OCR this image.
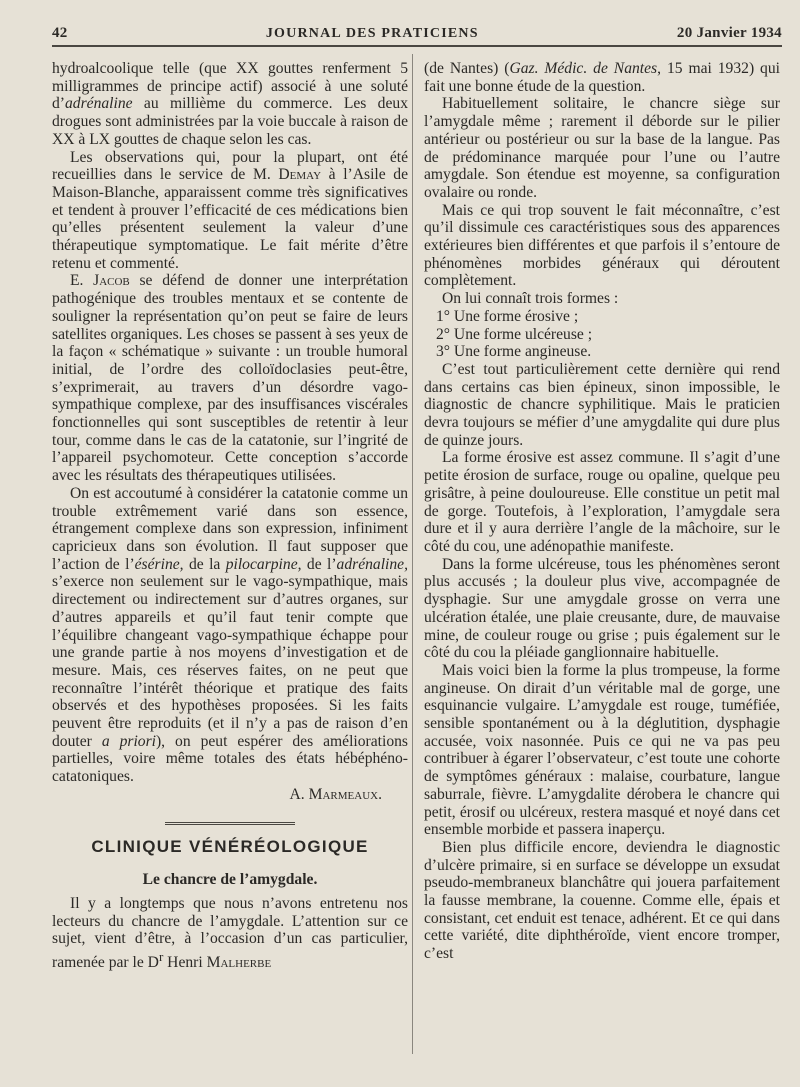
42	JOURNAL DES PRATICIENS	20 Janvier 1934

hydroalcoolique telle (que XX gouttes renferment 5 milligrammes de principe actif) associé à une soluté d’adrénaline au millième du commerce. Les deux drogues sont administrées par la voie buccale à raison de XX à LX gouttes de chaque selon les cas.

Les observations qui, pour la plupart, ont été recueillies dans le service de M. Demay à l’Asile de Maison-Blanche, apparaissent comme très significatives et tendent à prouver l’efficacité de ces médications bien qu’elles présentent seulement la valeur d’une thérapeutique symptomatique. Le fait mérite d’être retenu et commenté.

E. Jacob se défend de donner une interprétation pathogénique des troubles mentaux et se contente de souligner la représentation qu’on peut se faire de leurs satellites organiques. Les choses se passent à ses yeux de la façon « schématique » suivante : un trouble humoral initial, de l’ordre des colloïdoclasies peut-être, s’exprimerait, au travers d’un désordre vago-sympathique complexe, par des insuffisances viscérales fonctionnelles qui sont susceptibles de retentir à leur tour, comme dans le cas de la catatonie, sur l’ingrité de l’appareil psychomoteur. Cette conception s’accorde avec les résultats des thérapeutiques utilisées.

On est accoutumé à considérer la catatonie comme un trouble extrêmement varié dans son essence, étrangement complexe dans son expression, infiniment capricieux dans son évolution. Il faut supposer que l’action de l’ésérine, de la pilocarpine, de l’adrénaline, s’exerce non seulement sur le vago-sympathique, mais directement ou indirectement sur d’autres organes, sur d’autres appareils et qu’il faut tenir compte que l’équilibre changeant vago-sympathique échappe pour une grande partie à nos moyens d’investigation et de mesure. Mais, ces réserves faites, on ne peut que reconnaître l’intérêt théorique et pratique des faits observés et des hypothèses proposées. Si les faits peuvent être reproduits (et il n’y a pas de raison d’en douter a priori), on peut espérer des améliorations partielles, voire même totales des états hébéphéno-catatoniques.

A. Marmeaux.

CLINIQUE VÉNÉRÉOLOGIQUE
Le chancre de l’amygdale.

Il y a longtemps que nous n’avons entretenu nos lecteurs du chancre de l’amygdale. L’attention sur ce sujet, vient d’être, à l’occasion d’un cas particulier, ramenée par le $D^r$ Henri Malherbe

(de Nantes) (Gaz. Médic. de Nantes, 15 mai 1932) qui fait une bonne étude de la question.

Habituellement solitaire, le chancre siège sur l’amygdale même ; rarement il déborde sur le pilier antérieur ou postérieur ou sur la base de la langue. Pas de prédominance marquée pour l’une ou l’autre amygdale. Son étendue est moyenne, sa configuration ovalaire ou ronde.

Mais ce qui trop souvent le fait méconnaître, c’est qu’il dissimule ces caractéristiques sous des apparences extérieures bien différentes et que parfois il s’entoure de phénomènes morbides généraux qui déroutent complètement.

On lui connaît trois formes :

1° Une forme érosive ;

2° Une forme ulcéreuse ;

3° Une forme angineuse.

C’est tout particulièrement cette dernière qui rend dans certains cas bien épineux, sinon impossible, le diagnostic de chancre syphilitique. Mais le praticien devra toujours se méfier d’une amygdalite qui dure plus de quinze jours.

La forme érosive est assez commune. Il s’agit d’une petite érosion de surface, rouge ou opaline, quelque peu grisâtre, à peine douloureuse. Elle constitue un petit mal de gorge. Toutefois, à l’exploration, l’amygdale sera dure et il y aura derrière l’angle de la mâchoire, sur le côté du cou, une adénopathie manifeste.

Dans la forme ulcéreuse, tous les phénomènes seront plus accusés ; la douleur plus vive, accompagnée de dysphagie. Sur une amygdale grosse on verra une ulcération étalée, une plaie creusante, dure, de mauvaise mine, de couleur rouge ou grise ; puis également sur le côté du cou la pléiade ganglionnaire habituelle.

Mais voici bien la forme la plus trompeuse, la forme angineuse. On dirait d’un véritable mal de gorge, une esquinancie vulgaire. L’amygdale est rouge, tuméfiée, sensible spontanément ou à la déglutition, dysphagie accusée, voix nasonnée. Puis ce qui ne va pas peu contribuer à égarer l’observateur, c’est toute une cohorte de symptômes généraux : malaise, courbature, langue saburrale, fièvre. L’amygdalite dérobera le chancre qui petit, érosif ou ulcéreux, restera masqué et noyé dans cet ensemble morbide et passera inaperçu.

Bien plus difficile encore, deviendra le diagnostic d’ulcère primaire, si en surface se développe un exsudat pseudo-membraneux blanchâtre qui jouera parfaitement la fausse membrane, la couenne. Comme elle, épais et consistant, cet enduit est tenace, adhérent. Et ce qui dans cette variété, dite diphthéroïde, vient encore tromper, c’est
